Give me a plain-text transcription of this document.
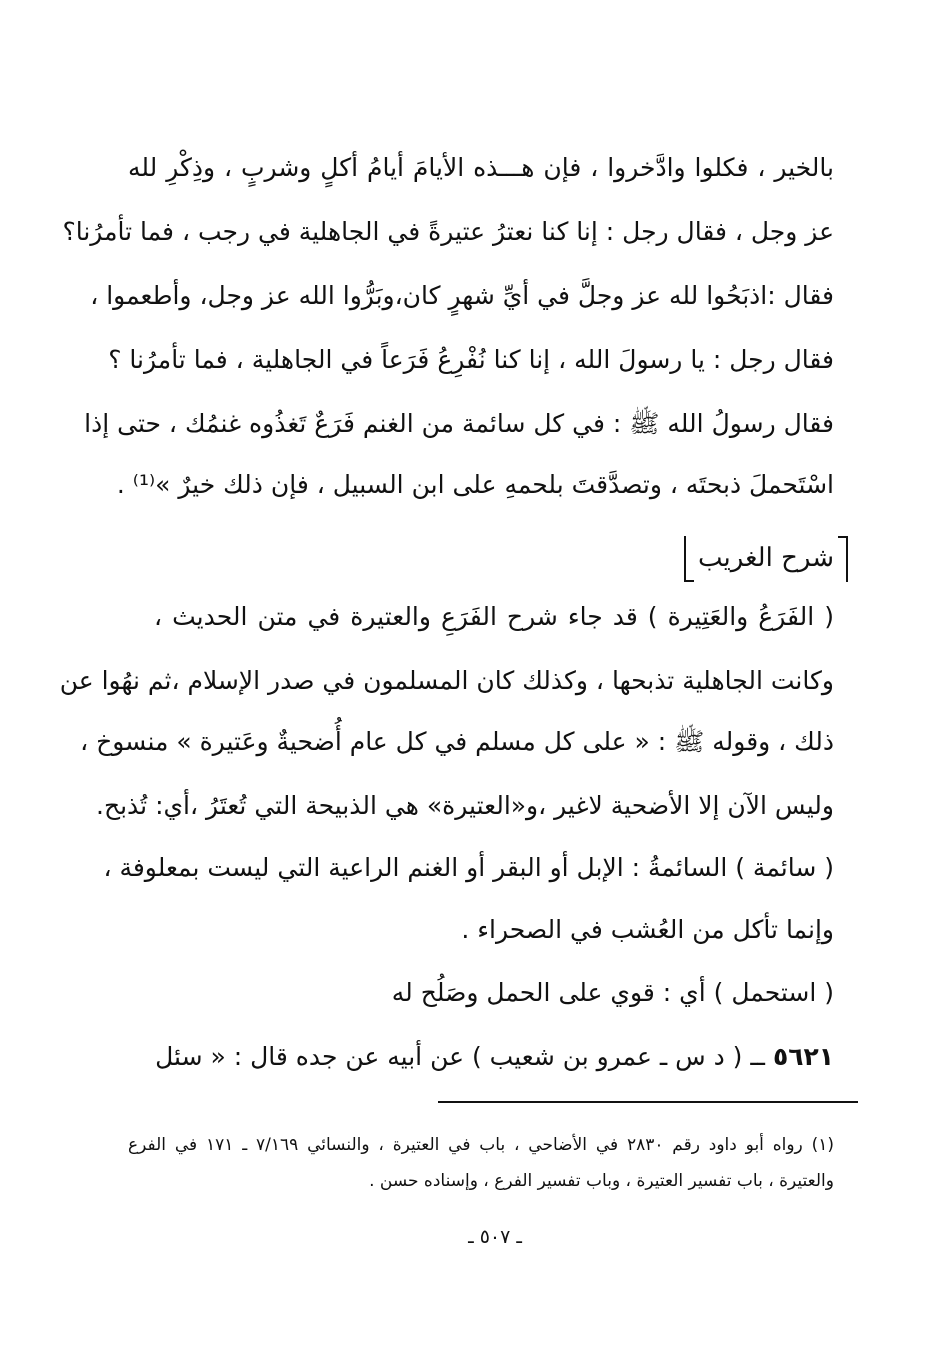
بالخير ، فكلوا وادَّخروا ، فإن هـــذه الأيامَ أيامُ أكلٍ وشربٍ ، وذِكْرِ لله
عز وجل ، فقال رجل : إنا كنا نعترُ عتيرةً في الجاهلية في رجب ، فما تأمرُنا؟
فقال :اذبَحُوا لله عز وجلَّ في أيِّ شهرٍ كان،وبَرُّوا الله عز وجل، وأطعموا ،
فقال رجل : يا رسولَ الله ، إنا كنا نُفْرِعُ فَرَعاً في الجاهلية ، فما تأمرُنا ؟
فقال رسولُ الله ﷺ : في كل سائمة من الغنم فَرَعٌ تَغذُوه غنمُك ، حتى إذا
اسْتَحملَ ذبحتَه ، وتصدَّقتَ بلحمهِ على ابن السبيل ، فإن ذلك خيرٌ »⁽¹⁾ .
شرح الغريب
( الفَرَعُ والعَتِيرة ) قد جاء شرح الفَرَعِ والعتيرة في متن الحديث ،
وكانت الجاهلية تذبحها ، وكذلك كان المسلمون في صدر الإسلام ،ثم نهُوا عن
ذلك ، وقوله ﷺ : « على كل مسلم في كل عام أُضحيةٌ وعَتيرة » منسوخ ،
وليس الآن إلا الأضحية لاغير ،و«العتيرة» هي الذبيحة التي تُعتَرُ ،أي: تُذبح.
( سائمة ) السائمةُ : الإبل أو البقر أو الغنم الراعية التي ليست بمعلوفة ،
وإنما تأكل من العُشب في الصحراء .
( استحمل ) أي : قوي على الحمل وصَلُح له
٥٦٢١ ــ ( د س ـ عمرو بن شعيب ) عن أبيه عن جده قال : « سئل
(١) رواه أبو داود رقم ٢٨٣٠ في الأضاحي ، باب في العتيرة ، والنسائي ٧/١٦٩ ـ ١٧١ في الفرع
والعتيرة ، باب تفسير العتيرة ، وباب تفسير الفرع ، وإسناده حسن .
ـ ٥٠٧ ـ
